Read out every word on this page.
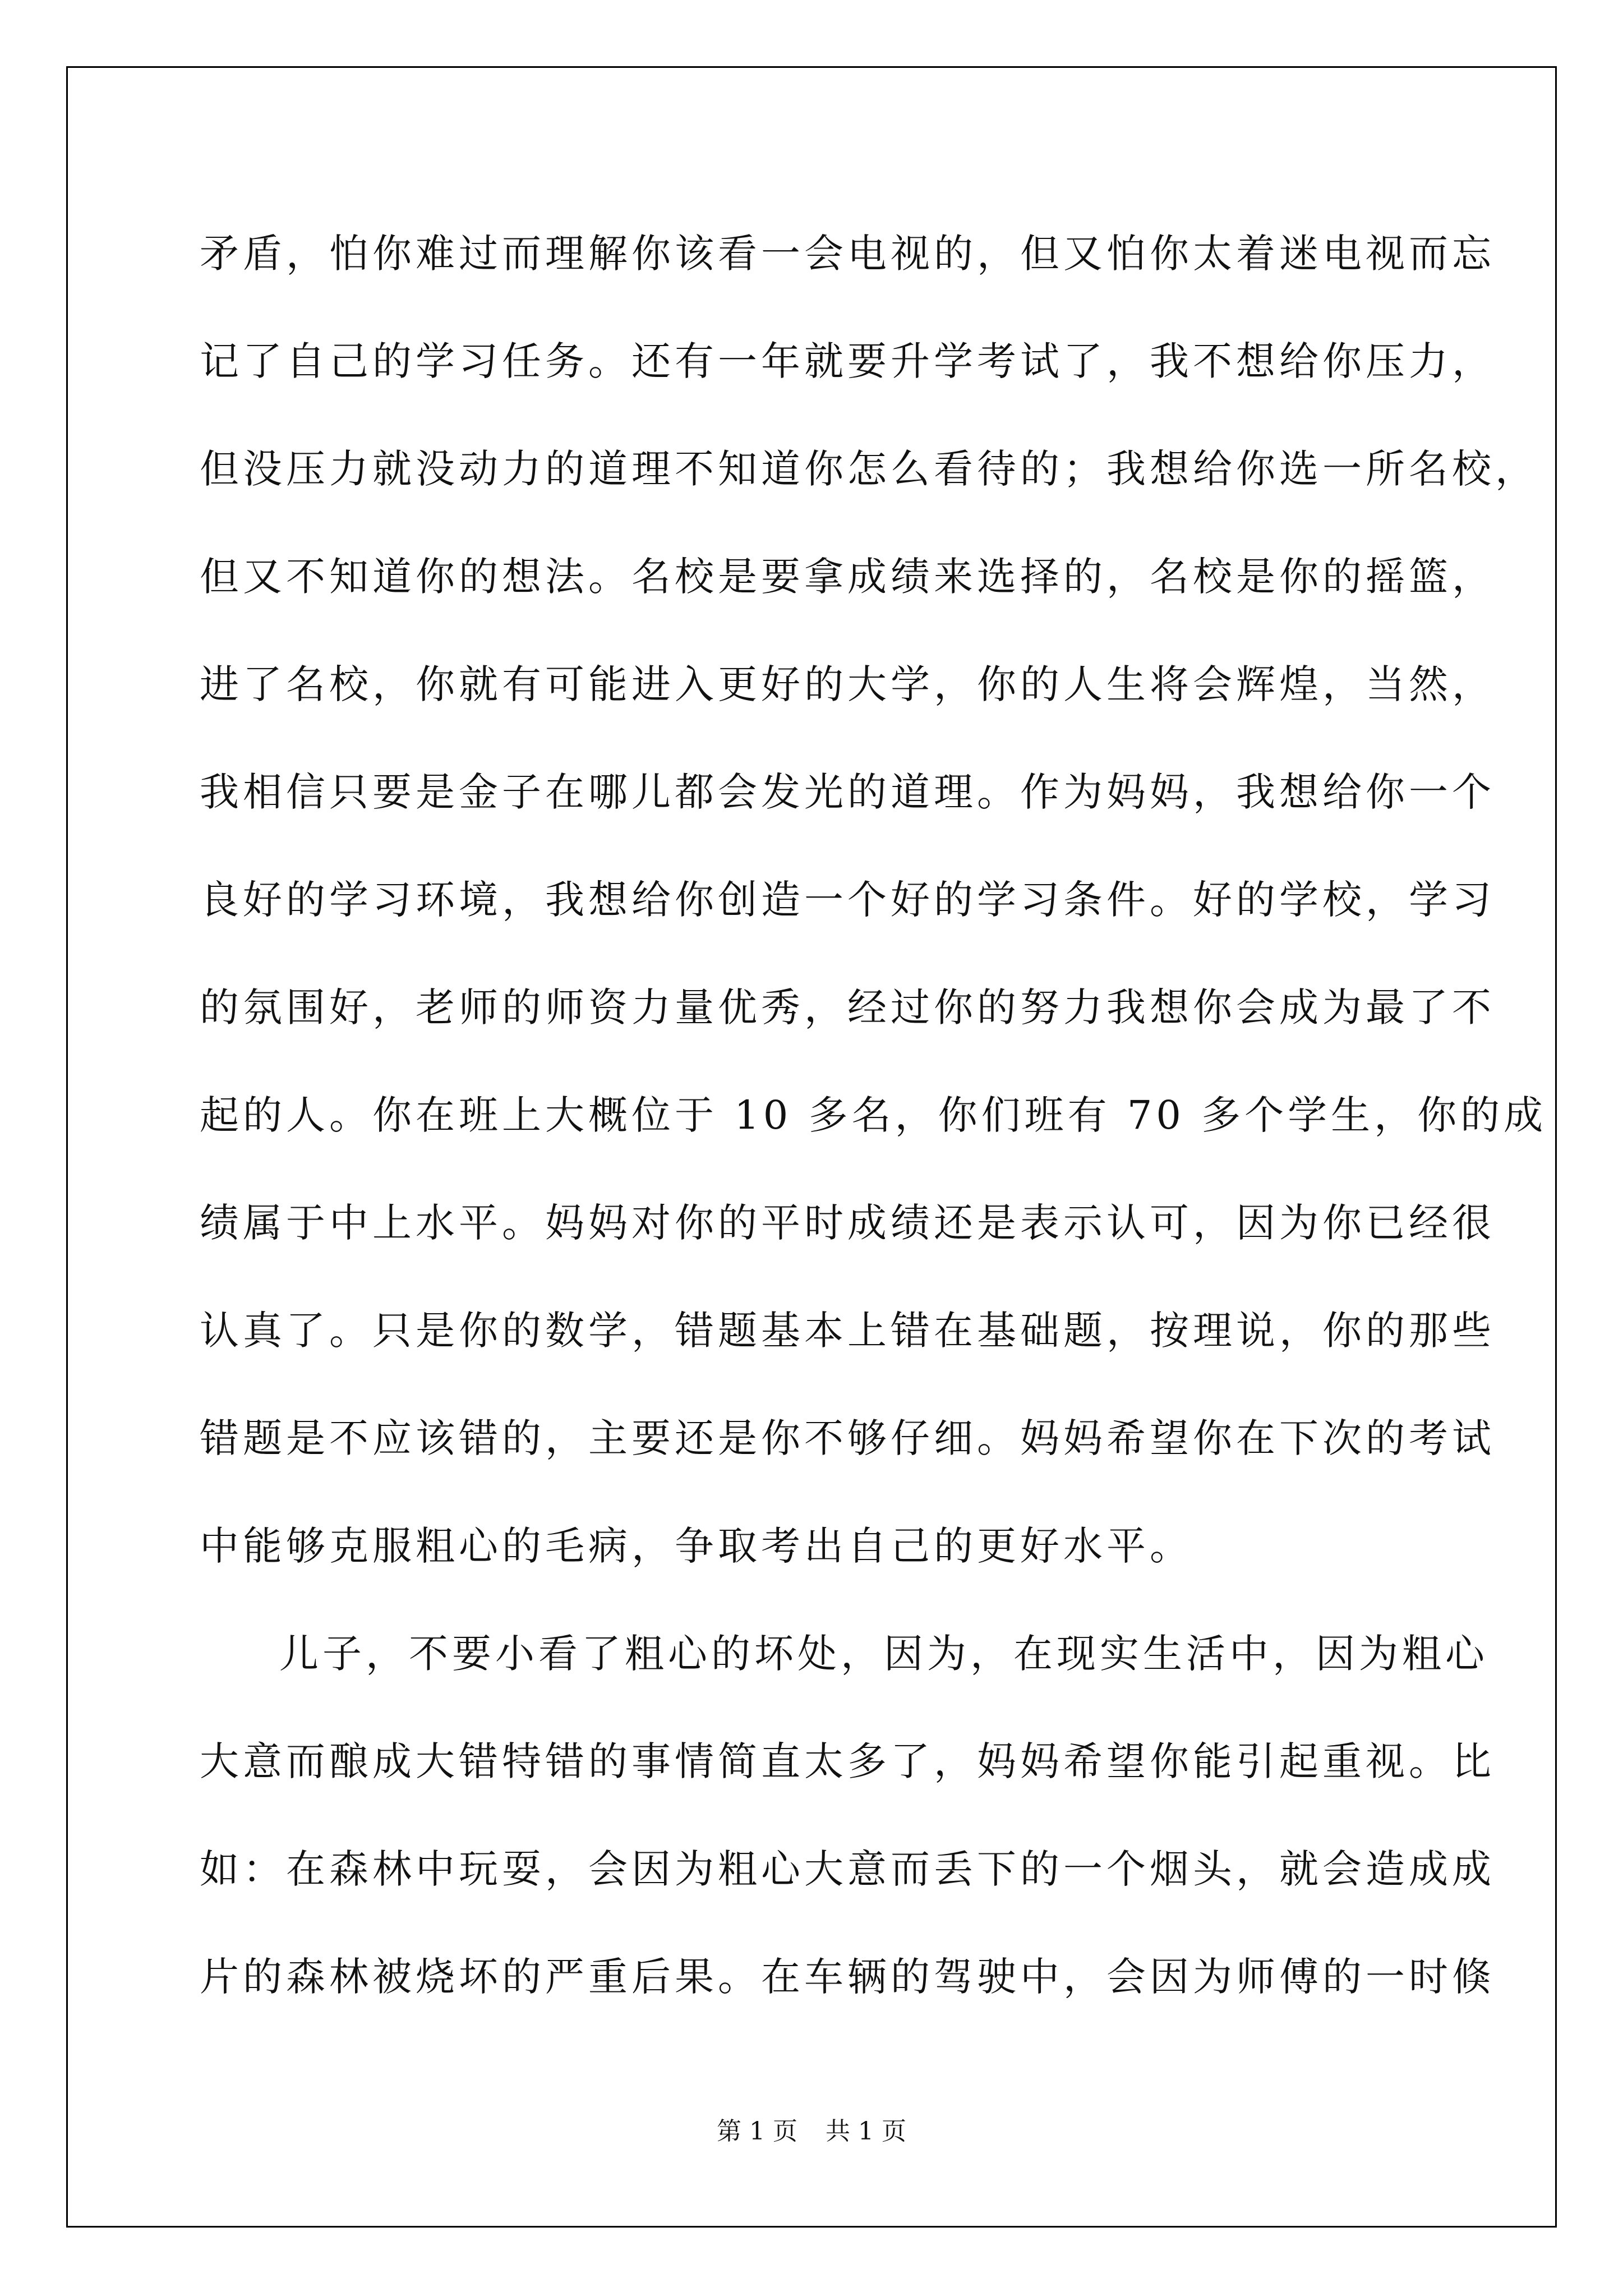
矛盾，怕你难过而理解你该看一会电视的，但又怕你太着迷电视而忘
记了自己的学习任务。还有一年就要升学考试了，我不想给你压力，
但没压力就没动力的道理不知道你怎么看待的；我想给你选一所名校，
但又不知道你的想法。名校是要拿成绩来选择的，名校是你的摇篮，
进了名校，你就有可能进入更好的大学，你的人生将会辉煌，当然，
我相信只要是金子在哪儿都会发光的道理。作为妈妈，我想给你一个
良好的学习环境，我想给你创造一个好的学习条件。好的学校，学习
的氛围好，老师的师资力量优秀，经过你的努力我想你会成为最了不
起的人。你在班上大概位于 10 多名，你们班有 70 多个学生，你的成
绩属于中上水平。妈妈对你的平时成绩还是表示认可，因为你已经很
认真了。只是你的数学，错题基本上错在基础题，按理说，你的那些
错题是不应该错的，主要还是你不够仔细。妈妈希望你在下次的考试
中能够克服粗心的毛病，争取考出自己的更好水平。
儿子，不要小看了粗心的坏处，因为，在现实生活中，因为粗心
大意而酿成大错特错的事情简直太多了，妈妈希望你能引起重视。比
如：在森林中玩耍，会因为粗心大意而丢下的一个烟头，就会造成成
片的森林被烧坏的严重后果。在车辆的驾驶中，会因为师傅的一时倏
第 1 页 共 1 页
